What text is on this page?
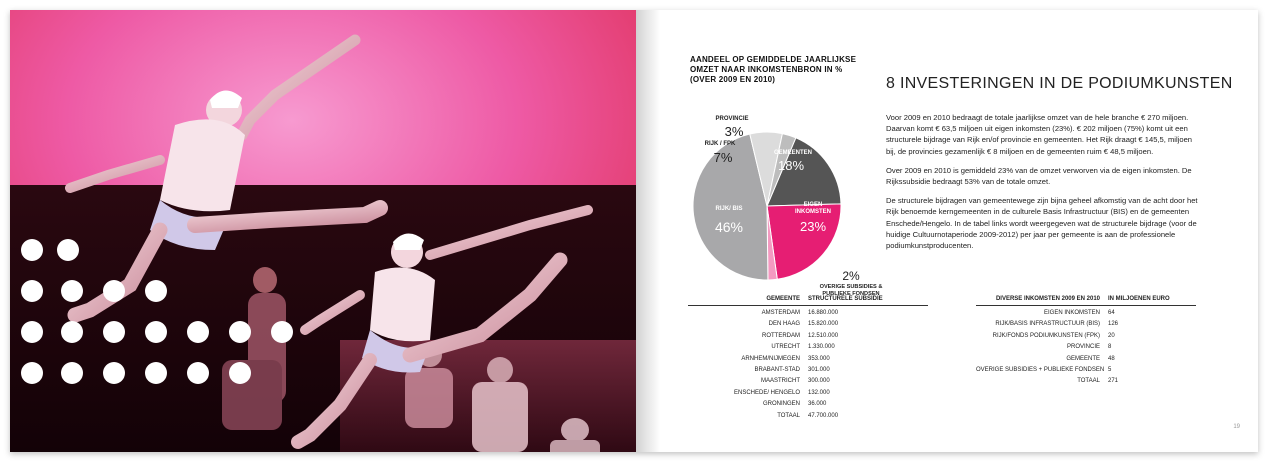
AANDEEL OP GEMIDDELDE JAARLIJKSE OMZET NAAR INKOMSTENBRON IN % (OVER 2009 EN 2010)
GEMEENTEN
18%
EIGEN INKOMSTEN
23%
OVERIGE SUBSIDIES & PUBLIEKE FONDSEN
2%
RIJK/ BIS
46%
RIJK / FPK
7%
PROVINCIE
3%
8 INVESTERINGEN IN DE PODIUMKUNSTEN

Voor 2009 en 2010 bedraagt de totale jaarlijkse omzet van de hele branche € 270 miljoen. Daarvan komt € 63,5 miljoen uit eigen inkomsten (23%). € 202 miljoen (75%) komt uit een structurele bijdrage van Rijk en/of provincie en gemeenten. Het Rijk draagt € 145,5, miljoen bij, de provincies gezamenlijk € 8 miljoen en de gemeenten ruim € 48,5 miljoen.

Over 2009 en 2010 is gemiddeld 23% van de omzet verworven via de eigen inkomsten. De Rijkssubsidie bedraagt 53% van de totale omzet.

De structurele bijdragen van gemeentewege zijn bijna geheel afkomstig van de acht door het Rijk benoemde kerngemeenten in de culturele Basis Infrastructuur (BIS) en de gemeenten Enschede/Hengelo. In de tabel links wordt weergegeven wat de structurele bijdrage (voor de huidige Cultuurnotaperiode 2009-2012) per jaar per gemeente is aan de professionele podiumkunstproducenten.

GEMEENTE STRUCTURELE SUBSIDIE
AMSTERDAM 16.880.000
DEN HAAG 15.820.000
ROTTERDAM 12.510.000
UTRECHT 1.330.000
ARNHEM/NIJMEGEN 353.000
BRABANT-STAD 301.000
MAASTRICHT 300.000
ENSCHEDE/ HENGELO 132.000
GRONINGEN 36.000
TOTAAL 47.700.000
DIVERSE INKOMSTEN 2009 EN 2010 IN MILJOENEN EURO
EIGEN INKOMSTEN 64
RIJK/BASIS INFRASTRUCTUUR (BIS) 126
RIJK/FONDS PODIUMKUNSTEN (FPK) 20
PROVINCIE 8
GEMEENTE 48
OVERIGE SUBSIDIES + PUBLIEKE FONDSEN 5
TOTAAL 271
19
